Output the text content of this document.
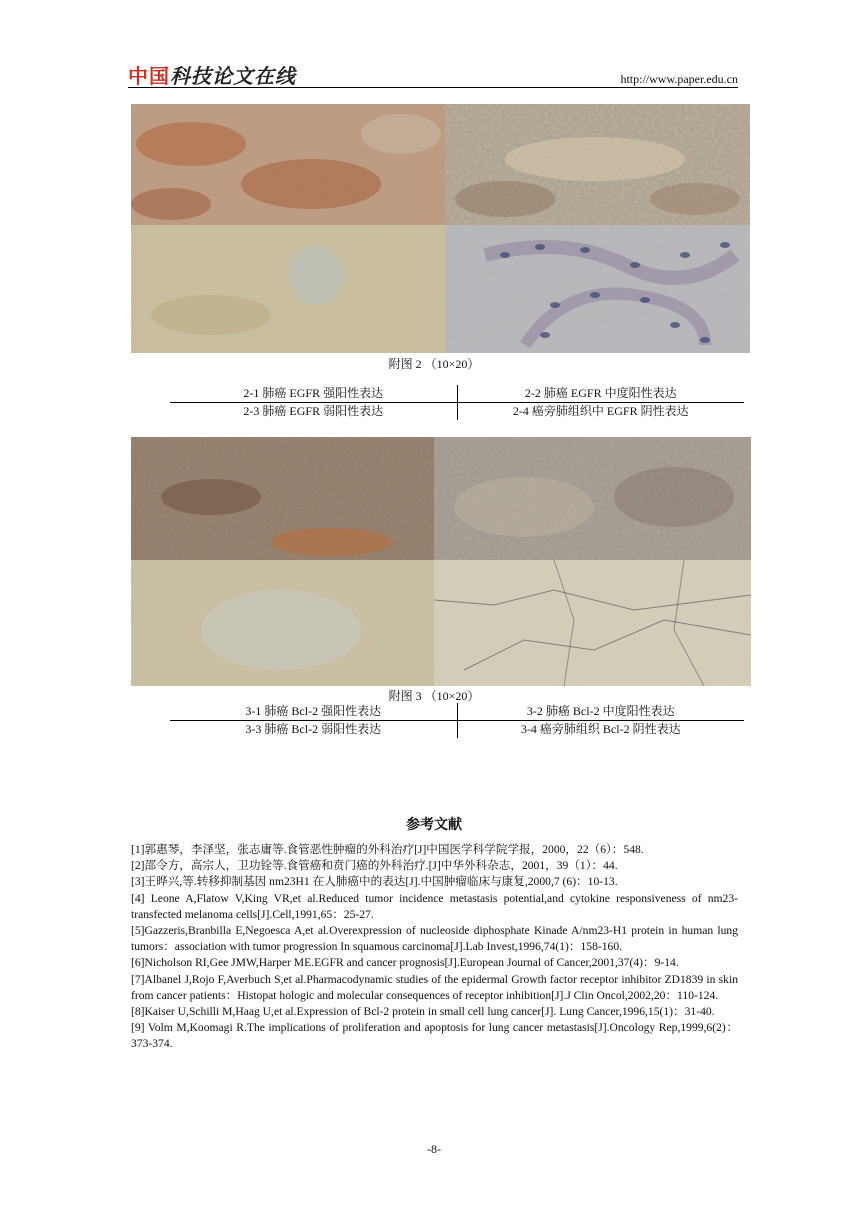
中国科技论文在线	http://www.paper.edu.cn
附图 2 （10×20）
2-1 肺癌 EGFR 强阳性表达	2-2 肺癌 EGFR 中度阳性表达
2-3 肺癌 EGFR 弱阳性表达	2-4 癌旁肺组织中 EGFR 阴性表达
附图 3 （10×20）
3-1 肺癌 Bcl-2 强阳性表达	3-2 肺癌 Bcl-2 中度阳性表达
3-3 肺癌 Bcl-2 弱阳性表达	3-4 癌旁肺组织 Bcl-2 阴性表达
参考文献

[1]郭惠琴，李泽坚，张志庸等.食管恶性肿瘤的外科治疗[J]中国医学科学院学报，2000，22（6）：548.

[2]邵令方，高宗人，卫功铨等.食管癌和贲门癌的外科治疗.[J]中华外科杂志，2001，39（1）：44.

[3]王晔兴,等.转移抑制基因 nm23H1 在人肺癌中的表达[J].中国肿瘤临床与康复,2000,7 (6)：10-13.

[4] Leone A,Flatow V,King VR,et al.Reduced tumor incidence metastasis potential,and cytokine responsiveness of nm23-transfected melanoma cells[J].Cell,1991,65：25-27.

[5]Gazzeris,Branbilla E,Negoesca A,et al.Overexpression of nucleoside diphosphate Kinade A/nm23-H1 protein in human lung tumors：association with tumor progression In squamous carcinoma[J].Lab Invest,1996,74(1)：158-160.

[6]Nicholson RI,Gee JMW,Harper ME.EGFR and cancer prognosis[J].European Journal of Cancer,2001,37(4)：9-14.

[7]Albanel J,Rojo F,Averbuch S,et al.Pharmacodynamic studies of the epidermal Growth factor receptor inhibitor ZD1839 in skin from cancer patients：Histopat hologic and molecular consequences of receptor inhibition[J].J Clin Oncol,2002,20：110-124.

[8]Kaiser U,Schilli M,Haag U,et al.Expression of Bcl-2 protein in small cell lung cancer[J]. Lung Cancer,1996,15(1)：31-40.

[9] Volm M,Koomagi R.The implications of proliferation and apoptosis for lung cancer metastasis[J].Oncology Rep,1999,6(2)：373-374.

-8-
